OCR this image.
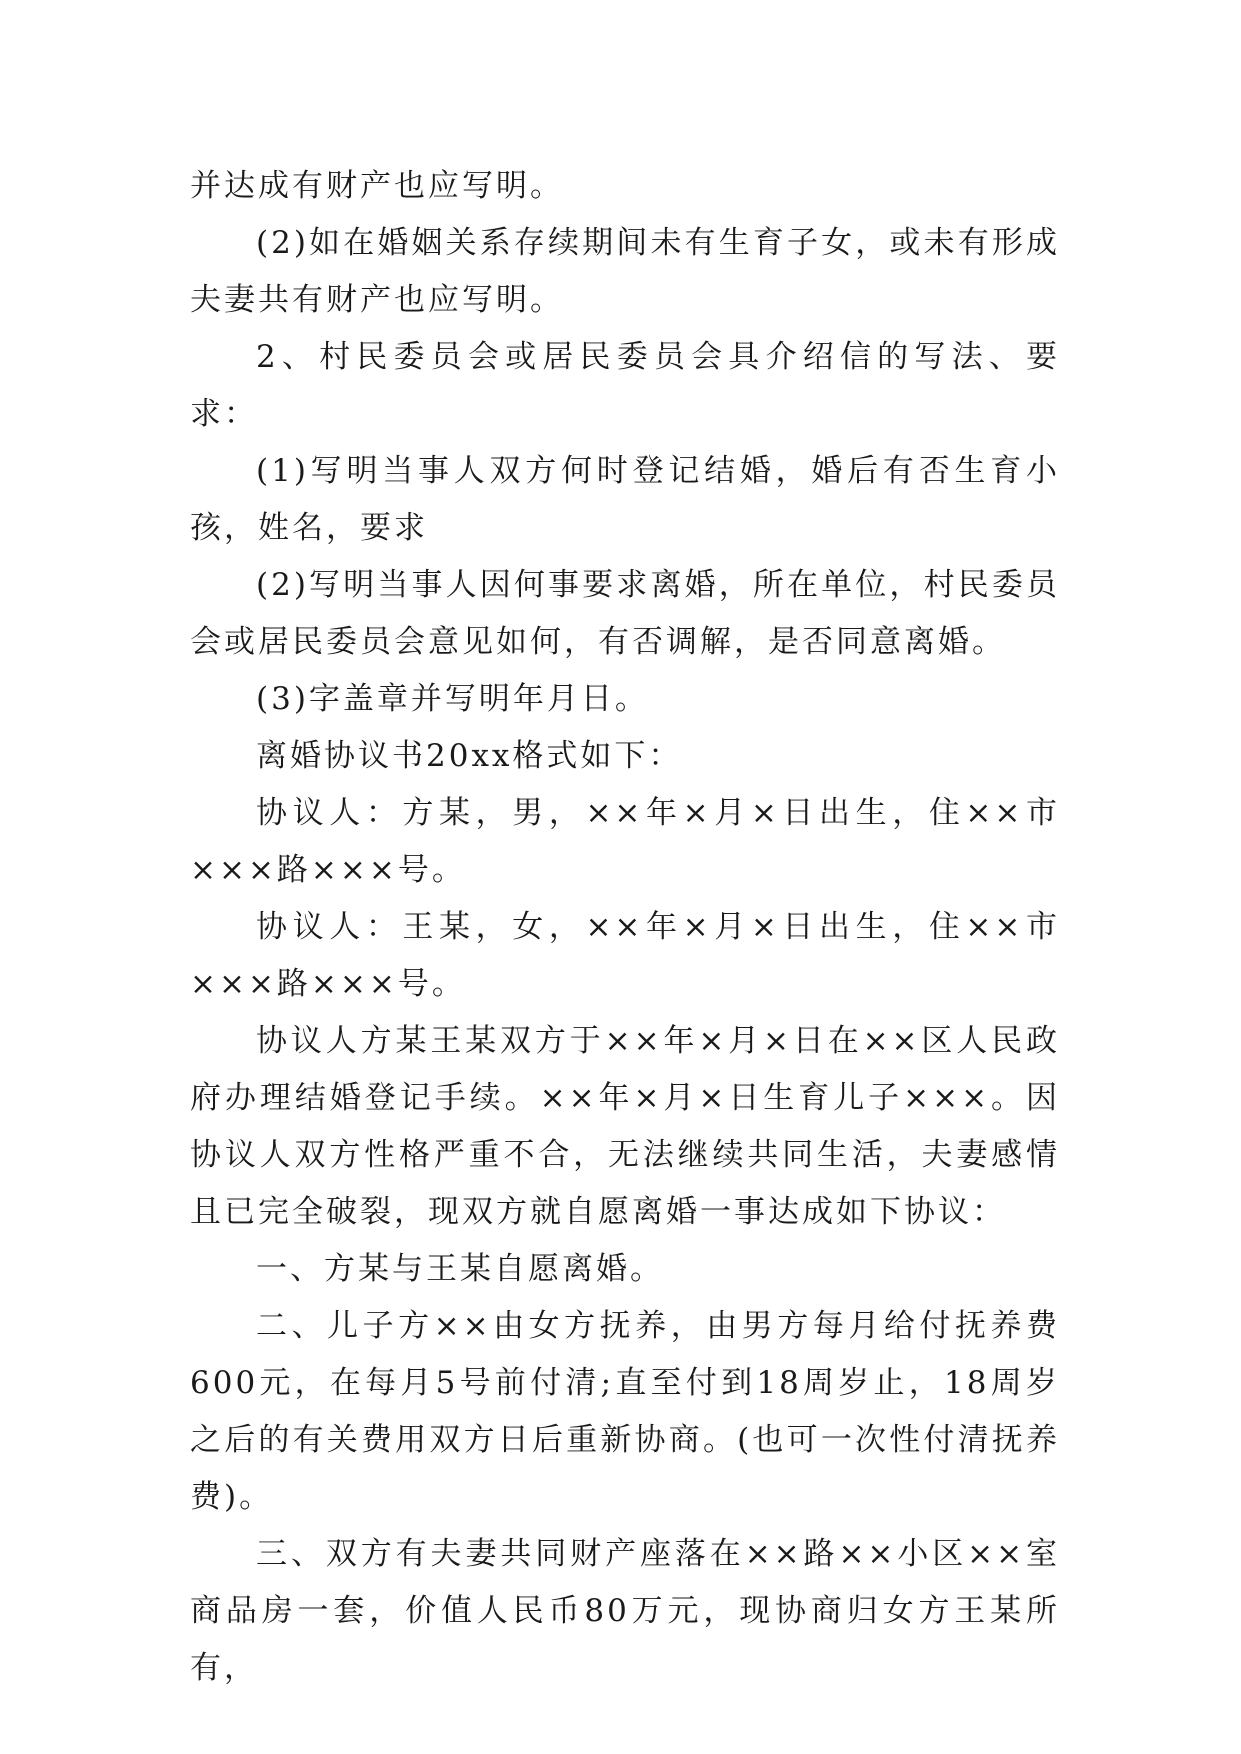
并达成有财产也应写明。

(2)如在婚姻关系存续期间未有生育子女，或未有形成夫妻共有财产也应写明。

2、村民委员会或居民委员会具介绍信的写法、要求：

(1)写明当事人双方何时登记结婚，婚后有否生育小孩，姓名，要求

(2)写明当事人因何事要求离婚，所在单位，村民委员会或居民委员会意见如何，有否调解，是否同意离婚。

(3)字盖章并写明年月日。

离婚协议书20xx格式如下：

协议人：方某，男，××年×月×日出生，住××市×××路×××号。

协议人：王某，女，××年×月×日出生，住××市×××路×××号。

协议人方某王某双方于××年×月×日在××区人民政府办理结婚登记手续。××年×月×日生育儿子×××。因协议人双方性格严重不合，无法继续共同生活，夫妻感情且已完全破裂，现双方就自愿离婚一事达成如下协议：

一、方某与王某自愿离婚。

二、儿子方××由女方抚养，由男方每月给付抚养费600元，在每月5号前付清;直至付到18周岁止，18周岁之后的有关费用双方日后重新协商。(也可一次性付清抚养费)。

三、双方有夫妻共同财产座落在××路××小区××室商品房一套，价值人民币80万元，现协商归女方王某所有，
